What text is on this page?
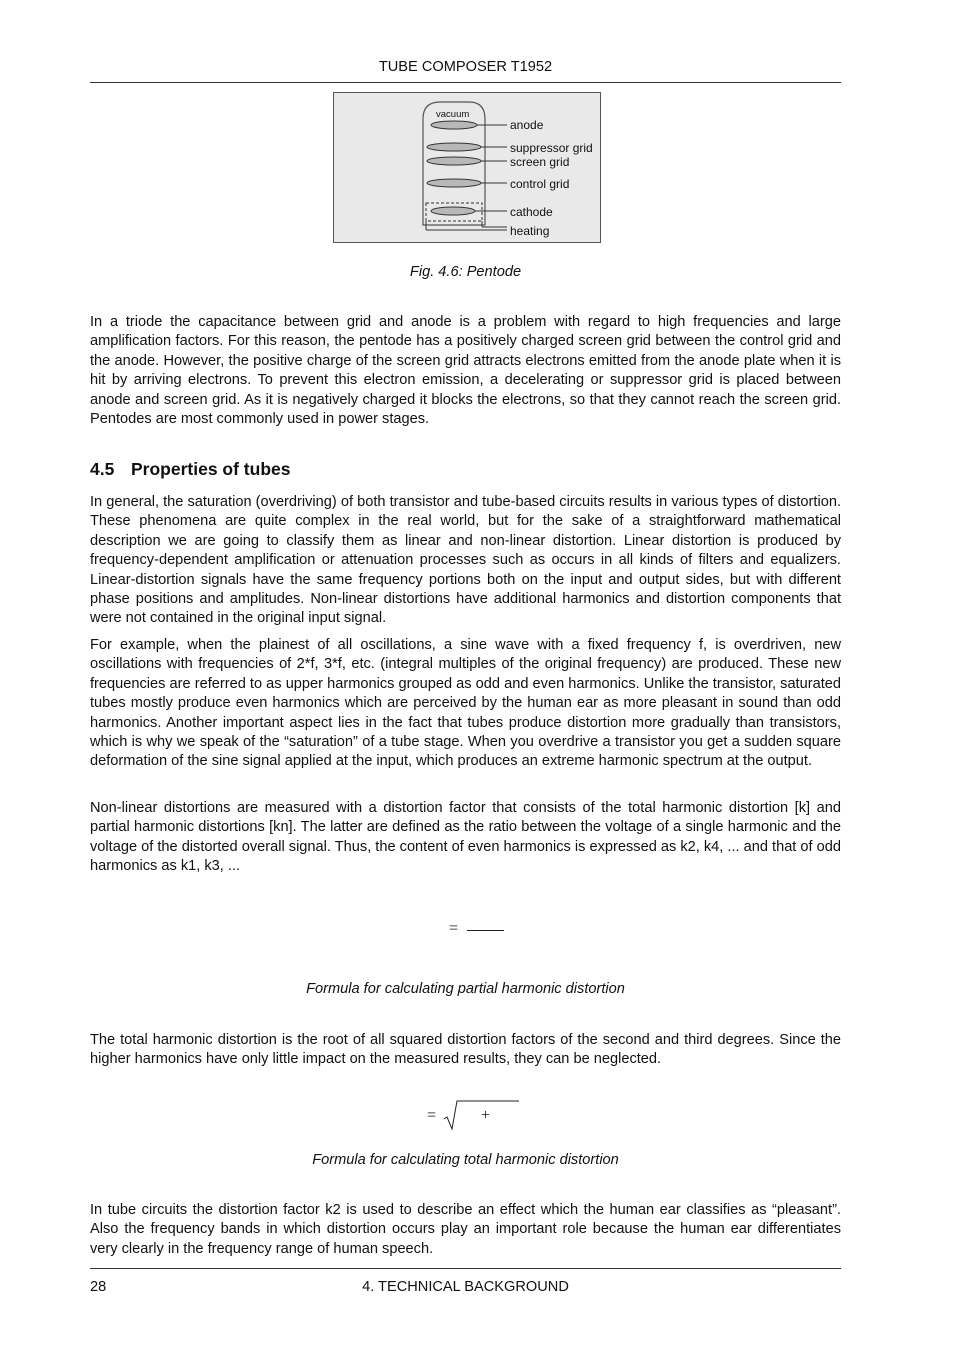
TUBE COMPOSER T1952
vacuum
anode
suppressor grid
screen grid
control grid
cathode
heating
Fig. 4.6: Pentode

In a triode the capacitance between grid and anode is a problem with regard to high frequencies and large amplification factors. For this reason, the pentode has a positively charged screen grid between the control grid and the anode. However, the positive charge of the screen grid attracts electrons emitted from the anode plate when it is hit by arriving electrons. To prevent this electron emission, a decelerating or suppressor grid is placed between anode and screen grid. As it is negatively charged it blocks the electrons, so that they cannot reach the screen grid. Pentodes are most commonly used in power stages.

4.5 Properties of tubes

In general, the saturation (overdriving) of both transistor and tube-based circuits results in various types of distortion. These phenomena are quite complex in the real world, but for the sake of a straightforward mathematical description we are going to classify them as linear and non-linear distortion. Linear distortion is produced by frequency-dependent amplification or attenuation processes such as occurs in all kinds of filters and equalizers. Linear-distortion signals have the same frequency portions both on the input and output sides, but with different phase positions and amplitudes. Non-linear distortions have additional harmonics and distortion components that were not contained in the original input signal.

For example, when the plainest of all oscillations, a sine wave with a fixed frequency f, is overdriven, new oscillations with frequencies of 2*f, 3*f, etc. (integral multiples of the original frequency) are produced. These new frequencies are referred to as upper harmonics grouped as odd and even harmonics. Unlike the transistor, saturated tubes mostly produce even harmonics which are perceived by the human ear as more pleasant in sound than odd harmonics. Another important aspect lies in the fact that tubes produce distortion more gradually than transistors, which is why we speak of the “saturation” of a tube stage. When you overdrive a transistor you get a sudden square deformation of the sine signal applied at the input, which produces an extreme harmonic spectrum at the output.

Non-linear distortions are measured with a distortion factor that consists of the total harmonic distortion [k] and partial harmonic distortions [kn]. The latter are defined as the ratio between the voltage of a single harmonic and the voltage of the distorted overall signal. Thus, the content of even harmonics is expressed as k2, k4, ... and that of odd harmonics as k1, k3, ...

=
Formula for calculating partial harmonic distortion

The total harmonic distortion is the root of all squared distortion factors of the second and third degrees. Since the higher harmonics have only little impact on the measured results, they can be neglected.

=	+
Formula for calculating total harmonic distortion

In tube circuits the distortion factor k2 is used to describe an effect which the human ear classifies as “pleasant”. Also the frequency bands in which distortion occurs play an important role because the human ear differentiates very clearly in the frequency range of human speech.

28	4. TECHNICAL BACKGROUND
